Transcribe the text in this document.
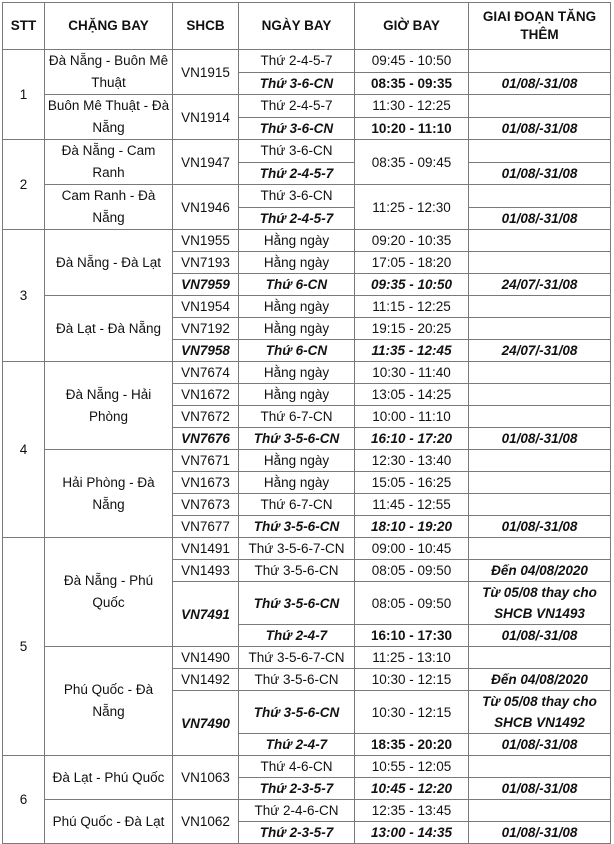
STT	CHẶNG BAY	SHCB	NGÀY BAY	GIỜ BAY	GIAI ĐOẠN TĂNG THÊM
1	Đà Nẵng - Buôn Mê Thuật	VN1915	Thứ 2-4-5-7	09:45 - 10:50	
			Thứ 3-6-CN	08:35 - 09:35	01/08/-31/08
	Buôn Mê Thuật - Đà Nẵng	VN1914	Thứ 2-4-5-7	11:30 - 12:25	
			Thứ 3-6-CN	10:20 - 11:10	01/08/-31/08
2	Đà Nẵng - Cam Ranh	VN1947	Thứ 3-6-CN	08:35 - 09:45	
			Thứ 2-4-5-7		01/08/-31/08
	Cam Ranh - Đà Nẵng	VN1946	Thứ 3-6-CN	11:25 - 12:30	
			Thứ 2-4-5-7		01/08/-31/08
3	Đà Nẵng - Đà Lạt	VN1955	Hằng ngày	09:20 - 10:35	
		VN7193	Hằng ngày	17:05 - 18:20	
		VN7959	Thứ 6-CN	09:35 - 10:50	24/07/-31/08
	Đà Lạt - Đà Nẵng	VN1954	Hằng ngày	11:15 - 12:25	
		VN7192	Hằng ngày	19:15 - 20:25	
		VN7958	Thứ 6-CN	11:35 - 12:45	24/07/-31/08
4	Đà Nẵng - Hải Phòng	VN7674	Hằng ngày	10:30 - 11:40	
		VN1672	Hằng ngày	13:05 - 14:25	
		VN7672	Thứ 6-7-CN	10:00 - 11:10	
		VN7676	Thứ 3-5-6-CN	16:10 - 17:20	01/08/-31/08
	Hải Phòng - Đà Nẵng	VN7671	Hằng ngày	12:30 - 13:40	
		VN1673	Hằng ngày	15:05 - 16:25	
		VN7673	Thứ 6-7-CN	11:45 - 12:55	
		VN7677	Thứ 3-5-6-CN	18:10 - 19:20	01/08/-31/08
5	Đà Nẵng - Phú Quốc	VN1491	Thứ 3-5-6-7-CN	09:00 - 10:45	
		VN1493	Thứ 3-5-6-CN	08:05 - 09:50	Đến 04/08/2020
		VN7491	Thứ 3-5-6-CN	08:05 - 09:50	Từ 05/08 thay cho SHCB VN1493

			Thứ 2-4-7	16:10 - 17:30	01/08/-31/08
	Phú Quốc - Đà Nẵng	VN1490	Thứ 3-5-6-7-CN	11:25 - 13:10	
		VN1492	Thứ 3-5-6-CN	10:30 - 12:15	Đến 04/08/2020
		VN7490	Thứ 3-5-6-CN	10:30 - 12:15	Từ 05/08 thay cho SHCB VN1492

			Thứ 2-4-7	18:35 - 20:20	01/08/-31/08
6	Đà Lạt - Phú Quốc	VN1063	Thứ 4-6-CN	10:55 - 12:05	
			Thứ 2-3-5-7	10:45 - 12:20	01/08/-31/08
	Phú Quốc - Đà Lạt	VN1062	Thứ 2-4-6-CN	12:35 - 13:45	
			Thứ 2-3-5-7	13:00 - 14:35	01/08/-31/08
